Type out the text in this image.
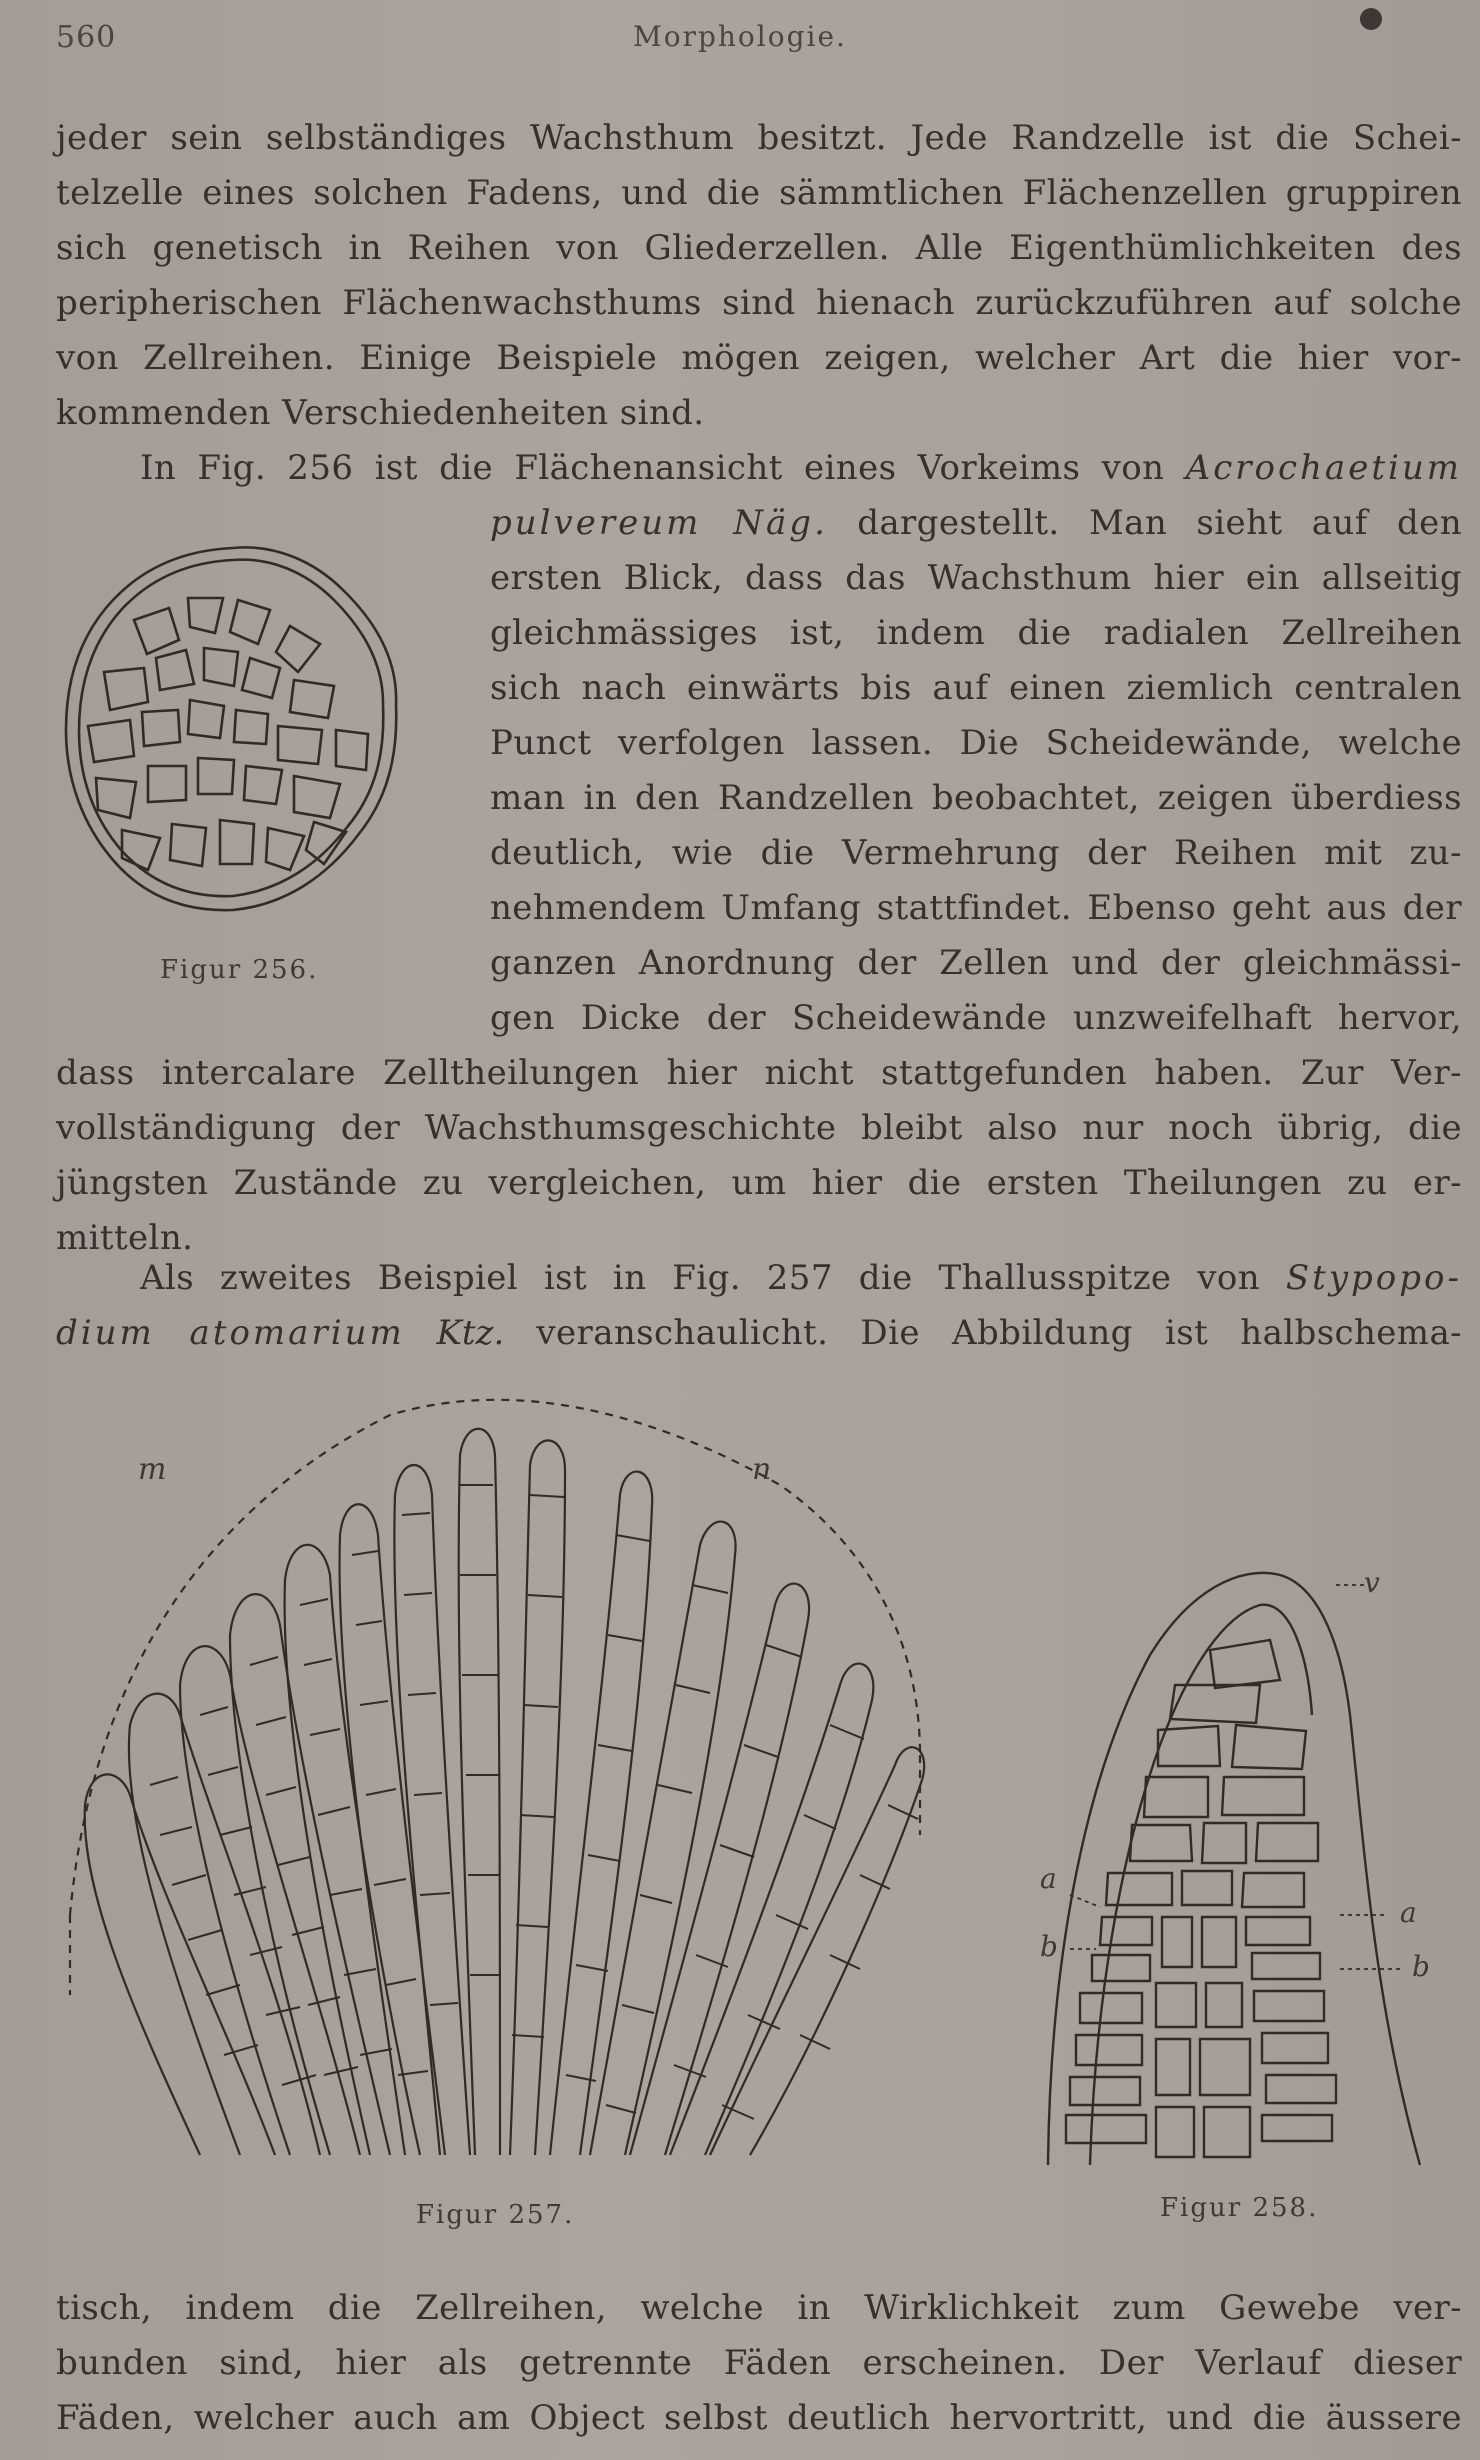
560	Morphologie.
jeder sein selbständiges Wachsthum besitzt. Jede Randzelle ist die Schei-
telzelle eines solchen Fadens, und die sämmtlichen Flächenzellen gruppiren
sich genetisch in Reihen von Gliederzellen. Alle Eigenthümlichkeiten des
peripherischen Flächenwachsthums sind hienach zurückzuführen auf solche
von Zellreihen. Einige Beispiele mögen zeigen, welcher Art die hier vor-
kommenden Verschiedenheiten sind.
In Fig. 256 ist die Flächenansicht eines Vorkeims von Acrochaetium
pulvereum Näg. dargestellt. Man sieht auf den
ersten Blick, dass das Wachsthum hier ein allseitig
gleichmässiges ist, indem die radialen Zellreihen
sich nach einwärts bis auf einen ziemlich centralen
Punct verfolgen lassen. Die Scheidewände, welche
man in den Randzellen beobachtet, zeigen überdiess
deutlich, wie die Vermehrung der Reihen mit zu-
nehmendem Umfang stattfindet. Ebenso geht aus der
ganzen Anordnung der Zellen und der gleichmässi-
gen Dicke der Scheidewände unzweifelhaft hervor,
dass intercalare Zelltheilungen hier nicht stattgefunden haben. Zur Ver-
vollständigung der Wachsthumsgeschichte bleibt also nur noch übrig, die
jüngsten Zustände zu vergleichen, um hier die ersten Theilungen zu er-
mitteln.
Als zweites Beispiel ist in Fig. 257 die Thallusspitze von Stypopo-
dium atomarium Ktz. veranschaulicht. Die Abbildung ist halbschema-
Figur 256.
m	n
Figur 257.
v
a
b
a
b
Figur 258.
tisch, indem die Zellreihen, welche in Wirklichkeit zum Gewebe ver-
bunden sind, hier als getrennte Fäden erscheinen. Der Verlauf dieser
Fäden, welcher auch am Object selbst deutlich hervortritt, und die äussere
